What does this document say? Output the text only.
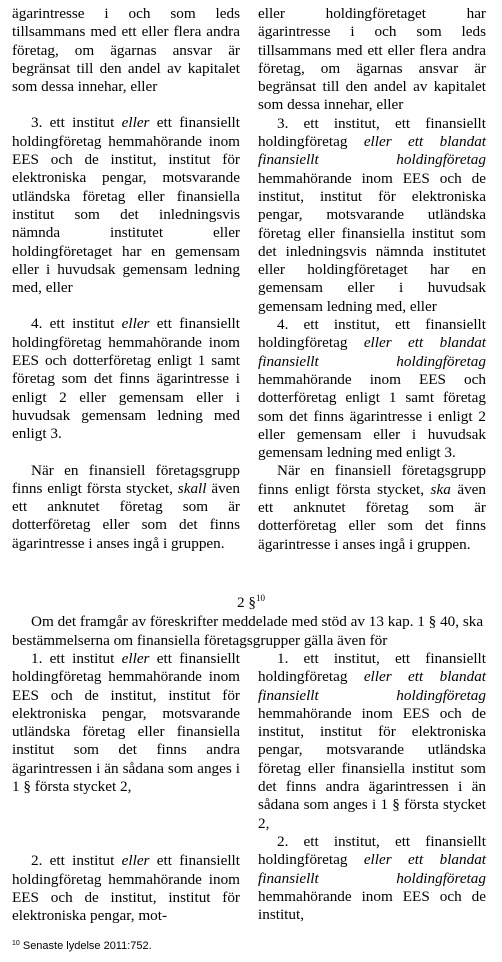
ägarintresse i och som leds tillsammans med ett eller flera andra företag, om ägarnas ansvar är begränsat till den andel av kapitalet som dessa innehar, eller

3. ett institut eller ett finansiellt holdingföretag hemmahörande inom EES och de institut, institut för elektroniska pengar, motsvarande utländska företag eller finansiella institut som det inledningsvis nämnda institutet eller holdingföretaget har en gemensam eller i huvudsak gemensam ledning med, eller

4. ett institut eller ett finansiellt holdingföretag hemmahörande inom EES och dotterföretag enligt 1 samt företag som det finns ägarintresse i enligt 2 eller gemensam eller i huvudsak gemensam ledning med enligt 3.

När en finansiell företagsgrupp finns enligt första stycket, skall även ett anknutet företag som är dotterföretag eller som det finns ägarintresse i anses ingå i gruppen.

eller holdingföretaget har ägarintresse i och som leds tillsammans med ett eller flera andra företag, om ägarnas ansvar är begränsat till den andel av kapitalet som dessa innehar, eller

3. ett institut, ett finansiellt holdingföretag eller ett blandat finansiellt holdingföretag hemmahörande inom EES och de institut, institut för elektroniska pengar, motsvarande utländska företag eller finansiella institut som det inledningsvis nämnda institutet eller holdingföretaget har en gemensam eller i huvudsak gemensam ledning med, eller

4. ett institut, ett finansiellt holdingföretag eller ett blandat finansiellt holdingföretag hemmahörande inom EES och dotterföretag enligt 1 samt företag som det finns ägarintresse i enligt 2 eller gemensam eller i huvudsak gemensam ledning med enligt 3.

När en finansiell företagsgrupp finns enligt första stycket, ska även ett anknutet företag som är dotterföretag eller som det finns ägarintresse i anses ingå i gruppen.

2 §$^{10}$
Om det framgår av föreskrifter meddelade med stöd av 13 kap. 1 § 40, ska bestämmelserna om finansiella företagsgrupper gälla även för

1. ett institut eller ett finansiellt holdingföretag hemmahörande inom EES och de institut, institut för elektroniska pengar, motsvarande utländska företag eller finansiella institut som det finns andra ägarintressen i än sådana som anges i 1 § första stycket 2,

2. ett institut eller ett finansiellt holdingföretag hemmahörande inom EES och de institut, institut för elektroniska pengar, mot-

1. ett institut, ett finansiellt holdingföretag eller ett blandat finansiellt holdingföretag hemmahörande inom EES och de institut, institut för elektroniska pengar, motsvarande utländska företag eller finansiella institut som det finns andra ägarintressen i än sådana som anges i 1 § första stycket 2,

2. ett institut, ett finansiellt holdingföretag eller ett blandat finansiellt holdingföretag hemmahörande inom EES och de institut,

$^{10}$ Senaste lydelse 2011:752.
